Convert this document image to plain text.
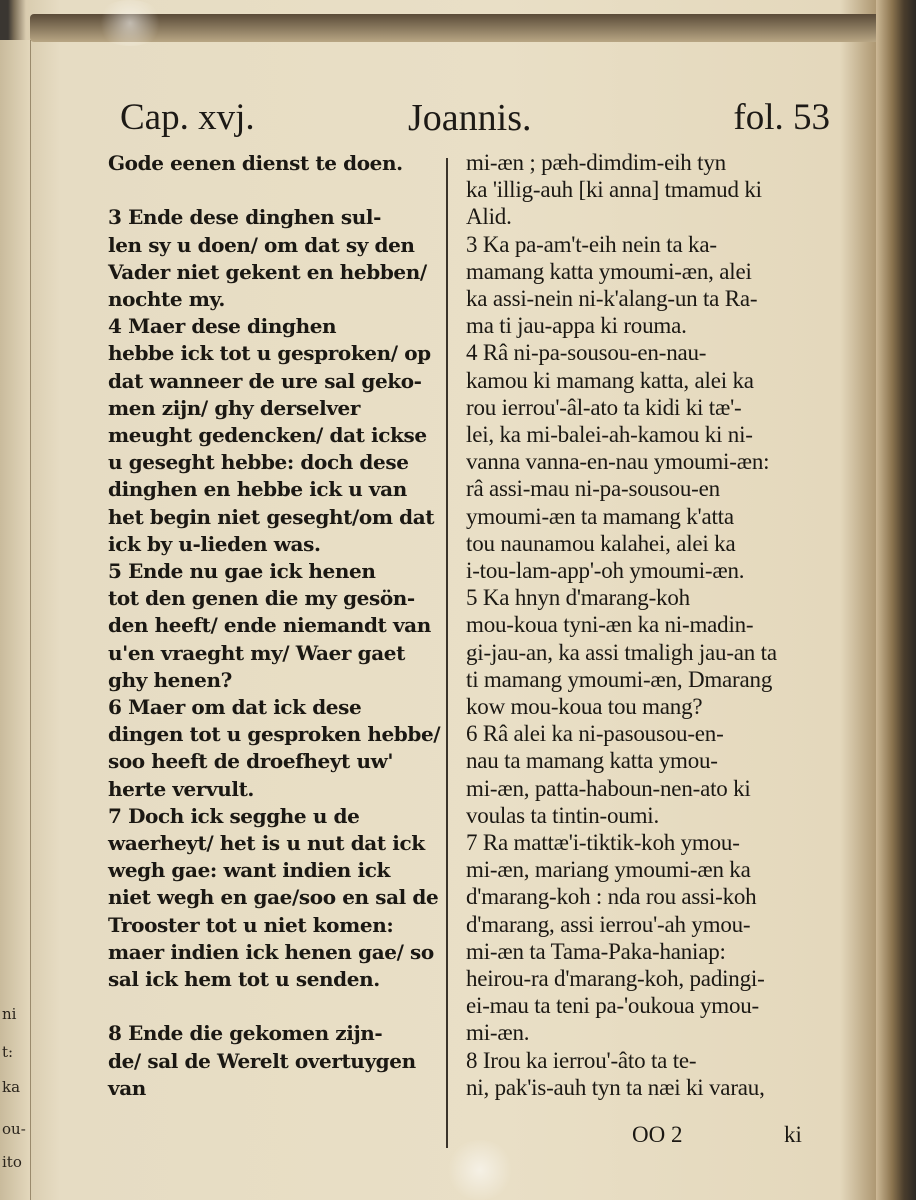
ni
t:
ka
ou-
ito
Cap. xvj.	Joannis.	fol. 53
Gode eenen dienst te doen.
3 Ende dese dinghen sul-
len sy u doen/ om dat sy den
Vader niet gekent en hebben/
nochte my.
4 Maer dese dinghen
hebbe ick tot u gesproken/ op
dat wanneer de ure sal geko-
men zijn/ ghy derselver
meught gedencken/ dat ickse
u geseght hebbe: doch dese
dinghen en hebbe ick u van
het begin niet geseght/om dat
ick by u-lieden was.
5 Ende nu gae ick henen
tot den genen die my gesön-
den heeft/ ende niemandt van
u'en vraeght my/ Waer gaet
ghy henen?
6 Maer om dat ick dese
dingen tot u gesproken hebbe/
soo heeft de droefheyt uw'
herte vervult.
7 Doch ick segghe u de
waerheyt/ het is u nut dat ick
wegh gae: want indien ick
niet wegh en gae/soo en sal de
Trooster tot u niet komen:
maer indien ick henen gae/ so
sal ick hem tot u senden.
8 Ende die gekomen zijn-
de/ sal de Werelt overtuygen
van
mi-æn ; pæh-dimdim-eih tyn
ka 'illig-auh [ki anna] tmamud ki
Alid.
3 Ka pa-am't-eih nein ta ka-
mamang katta ymoumi-æn, alei
ka assi-nein ni-k'alang-un ta Ra-
ma ti jau-appa ki rouma.
4 Râ ni-pa-sousou-en-nau-
kamou ki mamang katta, alei ka
rou ierrou'-âl-ato ta kidi ki tæ'-
lei, ka mi-balei-ah-kamou ki ni-
vanna vanna-en-nau ymoumi-æn:
râ assi-mau ni-pa-sousou-en
ymoumi-æn ta mamang k'atta
tou naunamou kalahei, alei ka
i-tou-lam-app'-oh ymoumi-æn.
5 Ka hnyn d'marang-koh
mou-koua tyni-æn ka ni-madin-
gi-jau-an, ka assi tmaligh jau-an ta
ti mamang ymoumi-æn, Dmarang
kow mou-koua tou mang?
6 Râ alei ka ni-pasousou-en-
nau ta mamang katta ymou-
mi-æn, patta-haboun-nen-ato ki
voulas ta tintin-oumi.
7 Ra mattæ'i-tiktik-koh ymou-
mi-æn, mariang ymoumi-æn ka
d'marang-koh : nda rou assi-koh
d'marang, assi ierrou'-ah ymou-
mi-æn ta Tama-Paka-haniap:
heirou-ra d'marang-koh, padingi-
ei-mau ta teni pa-'oukoua ymou-
mi-æn.
8 Irou ka ierrou'-âto ta te-
ni, pak'is-auh tyn ta næi ki varau,
OO 2	ki
